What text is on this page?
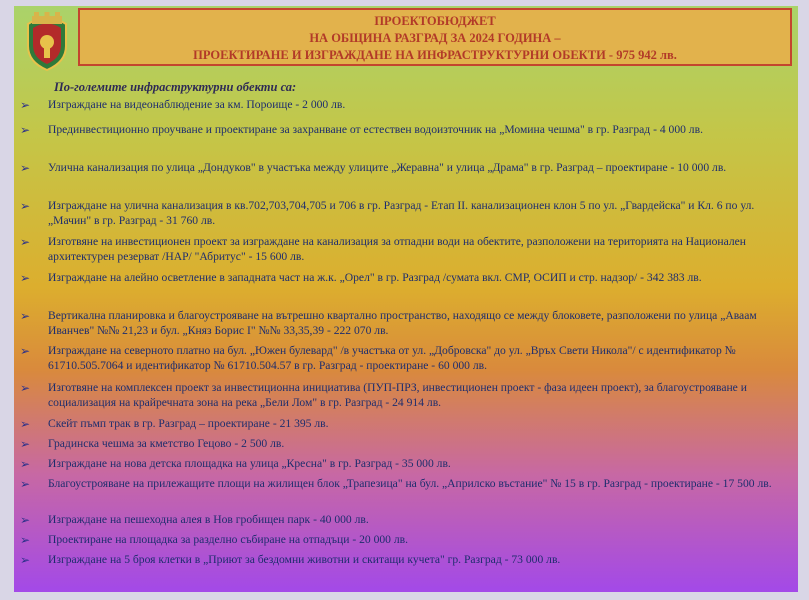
ПРОЕКТОБЮДЖЕТ
НА ОБЩИНА РАЗГРАД ЗА 2024 ГОДИНА –
ПРОЕКТИРАНЕ И ИЗГРАЖДАНЕ НА ИНФРАСТРУКТУРНИ ОБЕКТИ - 975 942 лв.
По-големите инфраструктурни обекти са:
➢	Изграждане на видеонаблюдение за км. Пороище - 2 000 лв.
➢	Прединвестиционно проучване и проектиране за захранване от естествен водоизточник на „Момина чешма" в гр. Разград - 4 000 лв.
➢	Улична канализация по улица „Дондуков" в участъка между улиците „Жеравна" и улица „Драма" в гр. Разград – проектиране - 10 000 лв.
➢	Изграждане на улична канализация в кв.702,703,704,705 и 706 в гр. Разград - Етап II. канализационен клон 5 по ул. „Гвардейска" и Кл. 6 по ул. „Мачин" в гр. Разград - 31 760 лв.
➢	Изготвяне на инвестиционен проект за изграждане на канализация за отпадни води на обектите, разположени на територията на Национален архитектурен резерват /НАР/ "Абритус" - 15 600 лв.
➢	Изграждане на алейно осветление в западната част на ж.к. „Орел" в гр. Разград /сумата вкл. СМР, ОСИП и стр. надзор/ - 342 383 лв.
➢	Вертикална планировка и благоустрояване на вътрешно квартално пространство, находящо се между блоковете, разположени по улица „Аваам Иванчев" №№ 21,23 и бул. „Княз Борис I" №№ 33,35,39 - 222 070 лв.
➢	Изграждане на северното платно на бул. „Южен булевард" /в участъка от ул. „Добровска" до ул. „Връх Свети Никола"/ с идентификатор № 61710.505.7064 и идентификатор № 61710.504.57 в гр. Разград - проектиране - 60 000 лв.
➢	Изготвяне на комплексен проект за инвестиционна инициатива (ПУП-ПРЗ, инвестиционен проект - фаза идеен проект), за благоустрояване и социализация на крайречната зона на река „Бели Лом" в гр. Разград - 24 914 лв.
➢	Скейт пъмп трак в гр. Разград – проектиране - 21 395 лв.
➢	Градинска чешма за кметство Гецово - 2 500 лв.
➢	Изграждане на нова детска площадка на улица „Кресна" в гр. Разград - 35 000 лв.
➢	Благоустрояване на прилежащите площи на жилищен блок „Трапезица" на бул. „Априлско въстание" № 15 в гр. Разград - проектиране - 17 500 лв.
➢	Изграждане на пешеходна алея в Нов гробищен парк - 40 000 лв.
➢	Проектиране на площадка за разделно събиране на отпадъци - 20 000 лв.
➢	Изграждане на 5 броя клетки в „Приют за бездомни животни и скитащи кучета" гр. Разград - 73 000 лв.
